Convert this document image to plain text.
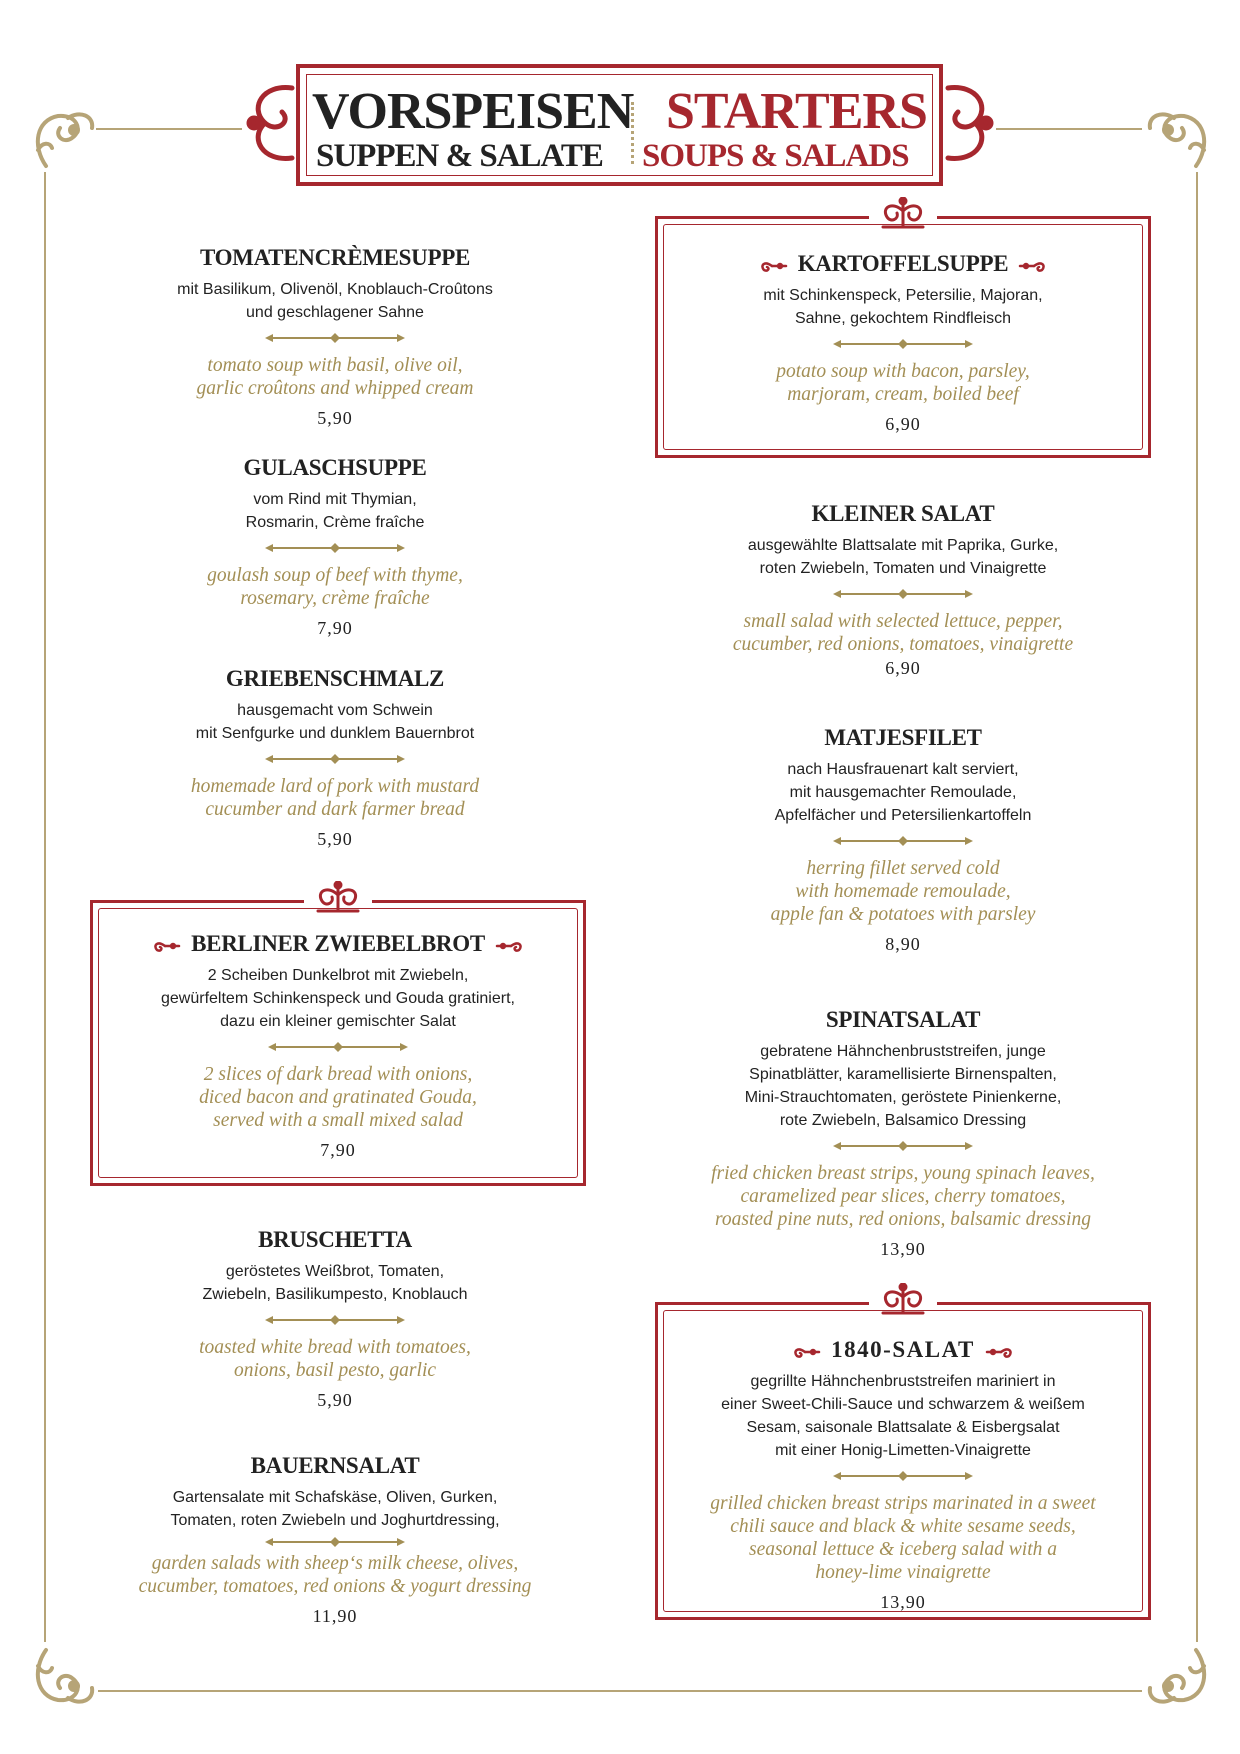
VORSPEISEN
SUPPEN & SALATE
STARTERS
SOUPS & SALADS
TOMATENCRÈMESUPPE
mit Basilikum, Olivenöl, Knoblauch-Croûtons
und geschlagener Sahne
tomato soup with basil, olive oil,
garlic croûtons and whipped cream
5,90
GULASCHSUPPE
vom Rind mit Thymian,
Rosmarin, Crème fraîche
goulash soup of beef with thyme,
rosemary, crème fraîche
7,90
GRIEBENSCHMALZ
hausgemacht vom Schwein
mit Senfgurke und dunklem Bauernbrot
homemade lard of pork with mustard
cucumber and dark farmer bread
5,90
BERLINER ZWIEBELBROT
2 Scheiben Dunkelbrot mit Zwiebeln,
gewürfeltem Schinkenspeck und Gouda gratiniert,
dazu ein kleiner gemischter Salat
2 slices of dark bread with onions,
diced bacon and gratinated Gouda,
served with a small mixed salad
7,90
BRUSCHETTA
geröstetes Weißbrot, Tomaten,
Zwiebeln, Basilikumpesto, Knoblauch
toasted white bread with tomatoes,
onions, basil pesto, garlic
5,90
BAUERNSALAT
Gartensalate mit Schafskäse, Oliven, Gurken,
Tomaten, roten Zwiebeln und Joghurtdressing,
garden salads with sheep‘s milk cheese, olives,
cucumber, tomatoes, red onions & yogurt dressing
11,90
KARTOFFELSUPPE
mit Schinkenspeck, Petersilie, Majoran,
Sahne, gekochtem Rindfleisch
potato soup with bacon, parsley,
marjoram, cream, boiled beef
6,90
KLEINER SALAT
ausgewählte Blattsalate mit Paprika, Gurke,
roten Zwiebeln, Tomaten und Vinaigrette
small salad with selected lettuce, pepper,
cucumber, red onions, tomatoes, vinaigrette
6,90
MATJESFILET
nach Hausfrauenart kalt serviert,
mit hausgemachter Remoulade,
Apfelfächer und Petersilienkartoffeln
herring fillet served cold
with homemade remoulade,
apple fan & potatoes with parsley
8,90
SPINATSALAT
gebratene Hähnchenbruststreifen, junge
Spinatblätter, karamellisierte Birnenspalten,
Mini-Strauchtomaten, geröstete Pinienkerne,
rote Zwiebeln, Balsamico Dressing
fried chicken breast strips, young spinach leaves,
caramelized pear slices, cherry tomatoes,
roasted pine nuts, red onions, balsamic dressing
13,90
1840-SALAT
gegrillte Hähnchenbruststreifen mariniert in
einer Sweet-Chili-Sauce und schwarzem & weißem
Sesam, saisonale Blattsalate & Eisbergsalat
mit einer Honig-Limetten-Vinaigrette
grilled chicken breast strips marinated in a sweet
chili sauce and black & white sesame seeds,
seasonal lettuce & iceberg salad with a
honey-lime vinaigrette
13,90
